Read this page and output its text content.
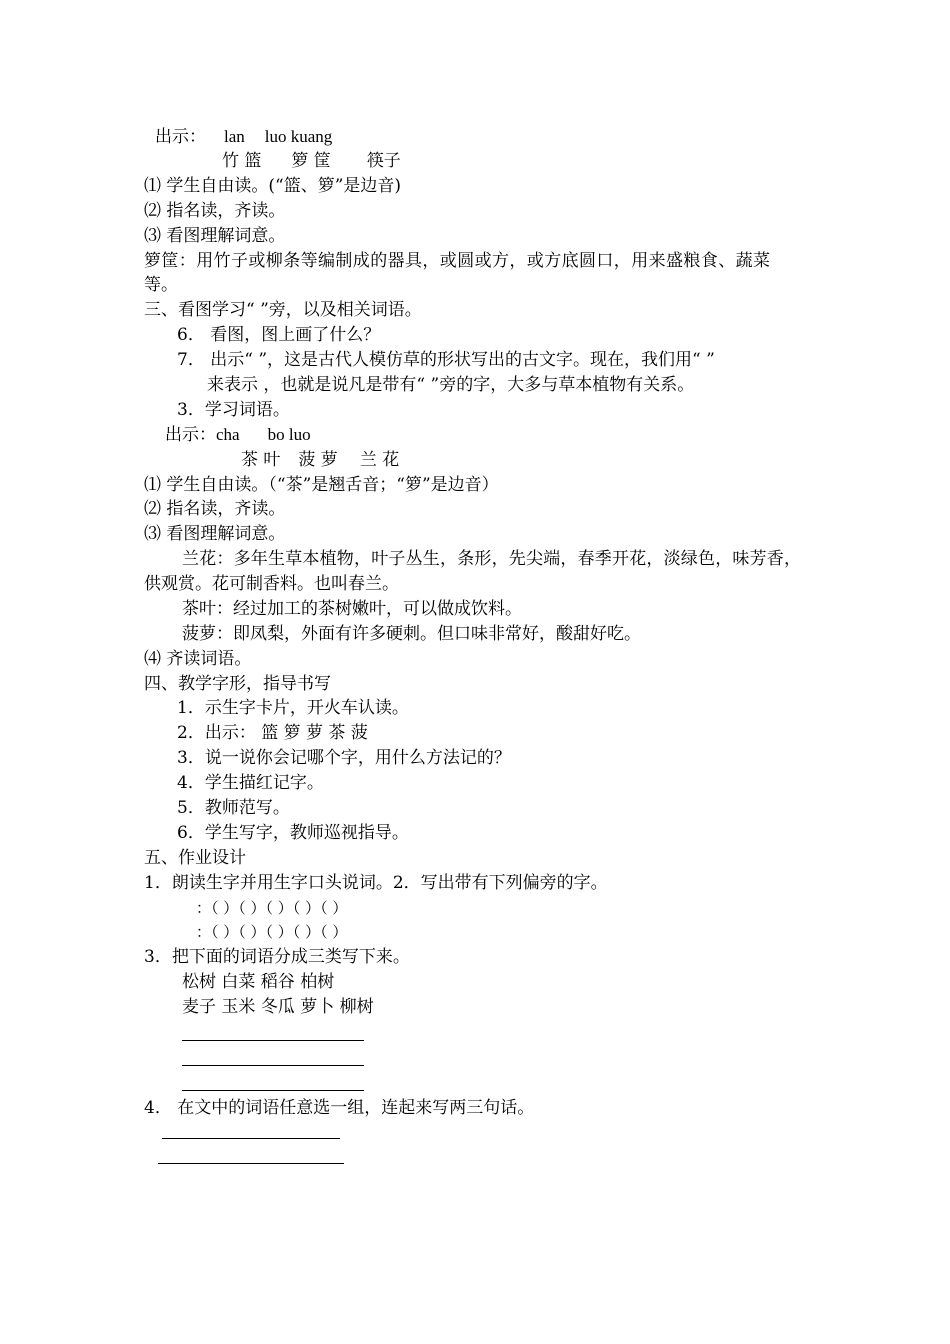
出示： lan luo kuang
竹 篮 箩 筐 筷子
⑴ 学生自由读。(“篮、箩”是边音)
⑵ 指名读，齐读。
⑶ 看图理解词意。
箩筐：用竹子或柳条等编制成的器具，或圆或方，或方底圆口，用来盛粮食、蔬菜
等。
三、看图学习“ ”旁，以及相关词语。
6． 看图，图上画了什么？
7． 出示“ ”，这是古代人模仿草的形状写出的古文字。现在，我们用“ ”
来表示 ，也就是说凡是带有“ ”旁的字，大多与草本植物有关系。
3．学习词语。
出示：cha bo luo
茶 叶 菠 萝 兰 花
⑴ 学生自由读。（“茶”是翘舌音；“箩”是边音）
⑵ 指名读，齐读。
⑶ 看图理解词意。
兰花：多年生草本植物，叶子丛生，条形，先尖端，春季开花，淡绿色，味芳香，
供观赏。花可制香料。也叫春兰。
茶叶：经过加工的茶树嫩叶，可以做成饮料。
菠萝：即凤梨，外面有许多硬刺。但口味非常好，酸甜好吃。
⑷ 齐读词语。
四、教学字形，指导书写
1．示生字卡片，开火车认读。
2．出示： 篮 箩 萝 茶 菠
3．说一说你会记哪个字，用什么方法记的？
4．学生描红记字。
5．教师范写。
6．学生写字，教师巡视指导。
五、作业设计
1．朗读生字并用生字口头说词。2．写出带有下列偏旁的字。
：（ ）（ ）（ ）（ ）（ ）
：（ ）（ ）（ ）（ ）（ ）
3．把下面的词语分成三类写下来。
松树 白菜 稻谷 柏树
麦子 玉米 冬瓜 萝卜 柳树
4． 在文中的词语任意选一组，连起来写两三句话。
